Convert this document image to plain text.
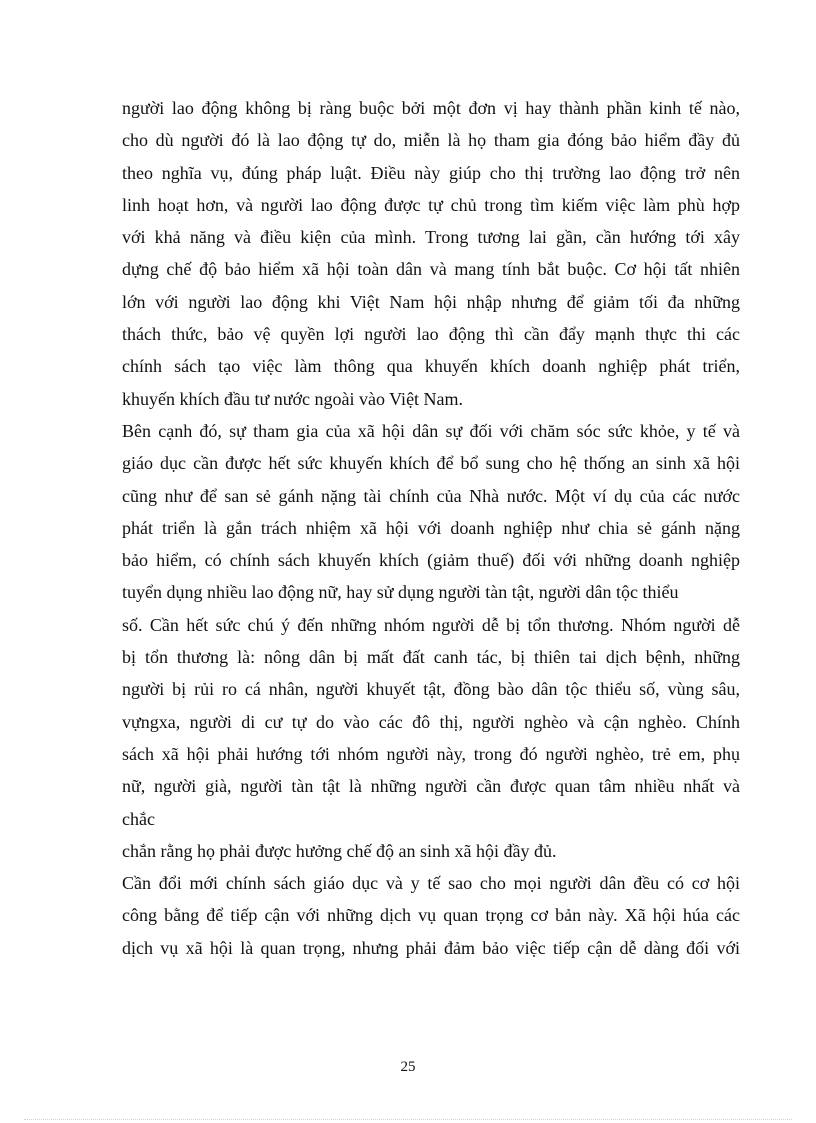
người lao động không bị ràng buộc bởi một đơn vị hay thành phần kinh tế nào,
cho dù người đó là lao động tự do, miễn là họ tham gia đóng bảo hiểm đầy đủ
theo nghĩa vụ, đúng pháp luật. Điều này giúp cho thị trường lao động trở nên
linh hoạt hơn, và người lao động được tự chủ trong tìm kiếm việc làm phù hợp
với khả năng và điều kiện của mình. Trong tương lai gần, cần hướng tới xây
dựng chế độ bảo hiểm xã hội toàn dân và mang tính bắt buộc. Cơ hội tất nhiên
lớn với người lao động khi Việt Nam hội nhập nhưng để giảm tối đa những
thách thức, bảo vệ quyền lợi người lao động thì cần đẩy mạnh thực thi các
chính sách tạo việc làm thông qua khuyến khích doanh nghiệp phát triển,
khuyến khích đầu tư nước ngoài vào Việt Nam.
Bên cạnh đó, sự tham gia của xã hội dân sự đối với chăm sóc sức khỏe, y tế và
giáo dục cần được hết sức khuyến khích để bổ sung cho hệ thống an sinh xã hội
cũng như để san sẻ gánh nặng tài chính của Nhà nước. Một ví dụ của các nước
phát triển là gắn trách nhiệm xã hội với doanh nghiệp như chia sẻ gánh nặng
bảo hiểm, có chính sách khuyến khích (giảm thuế) đối với những doanh nghiệp
tuyển dụng nhiều lao động nữ, hay sử dụng người tàn tật, người dân tộc thiểu
số. Cần hết sức chú ý đến những nhóm người dễ bị tổn thương. Nhóm người dễ
bị tổn thương là: nông dân bị mất đất canh tác, bị thiên tai dịch bệnh, những
người bị rủi ro cá nhân, người khuyết tật, đồng bào dân tộc thiểu số, vùng sâu,
vựngxa, người di cư tự do vào các đô thị, người nghèo và cận nghèo. Chính
sách xã hội phải hướng tới nhóm người này, trong đó người nghèo, trẻ em, phụ
nữ, người già, người tàn tật là những người cần được quan tâm nhiều nhất và
chắc
chắn rằng họ phải được hưởng chế độ an sinh xã hội đầy đủ.
Cần đổi mới chính sách giáo dục và y tế sao cho mọi người dân đều có cơ hội
công bằng để tiếp cận với những dịch vụ quan trọng cơ bản này. Xã hội húa các
dịch vụ xã hội là quan trọng, nhưng phải đảm bảo việc tiếp cận dễ dàng đối với
25
